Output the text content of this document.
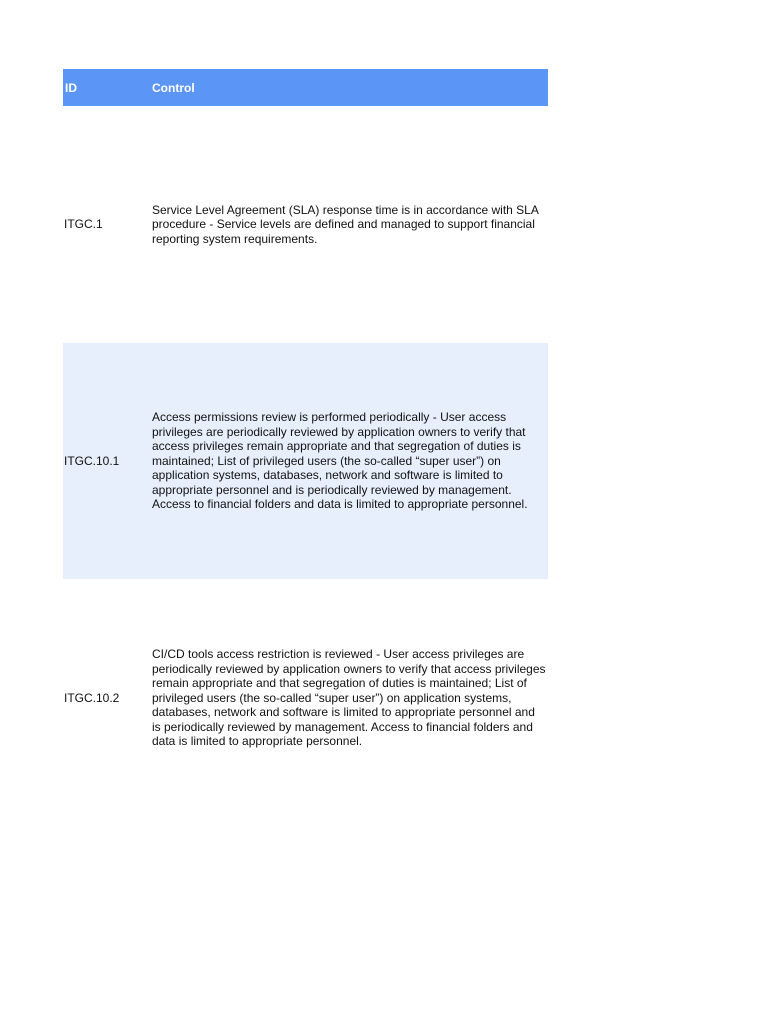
ID	Control
ITGC.1
Service Level Agreement (SLA) response time is in accordance with SLA procedure - Service levels are defined and managed to support financial reporting system requirements.
ITGC.10.1
Access permissions review is performed periodically - User access privileges are periodically reviewed by application owners to verify that access privileges remain appropriate and that segregation of duties is maintained; List of privileged users (the so-called “super user”) on application systems, databases, network and software is limited to appropriate personnel and is periodically reviewed by management. Access to financial folders and data is limited to appropriate personnel.
ITGC.10.2
CI/CD tools access restriction is reviewed - User access privileges are periodically reviewed by application owners to verify that access privileges remain appropriate and that segregation of duties is maintained; List of privileged users (the so-called “super user”) on application systems, databases, network and software is limited to appropriate personnel and is periodically reviewed by management. Access to financial folders and data is limited to appropriate personnel.
